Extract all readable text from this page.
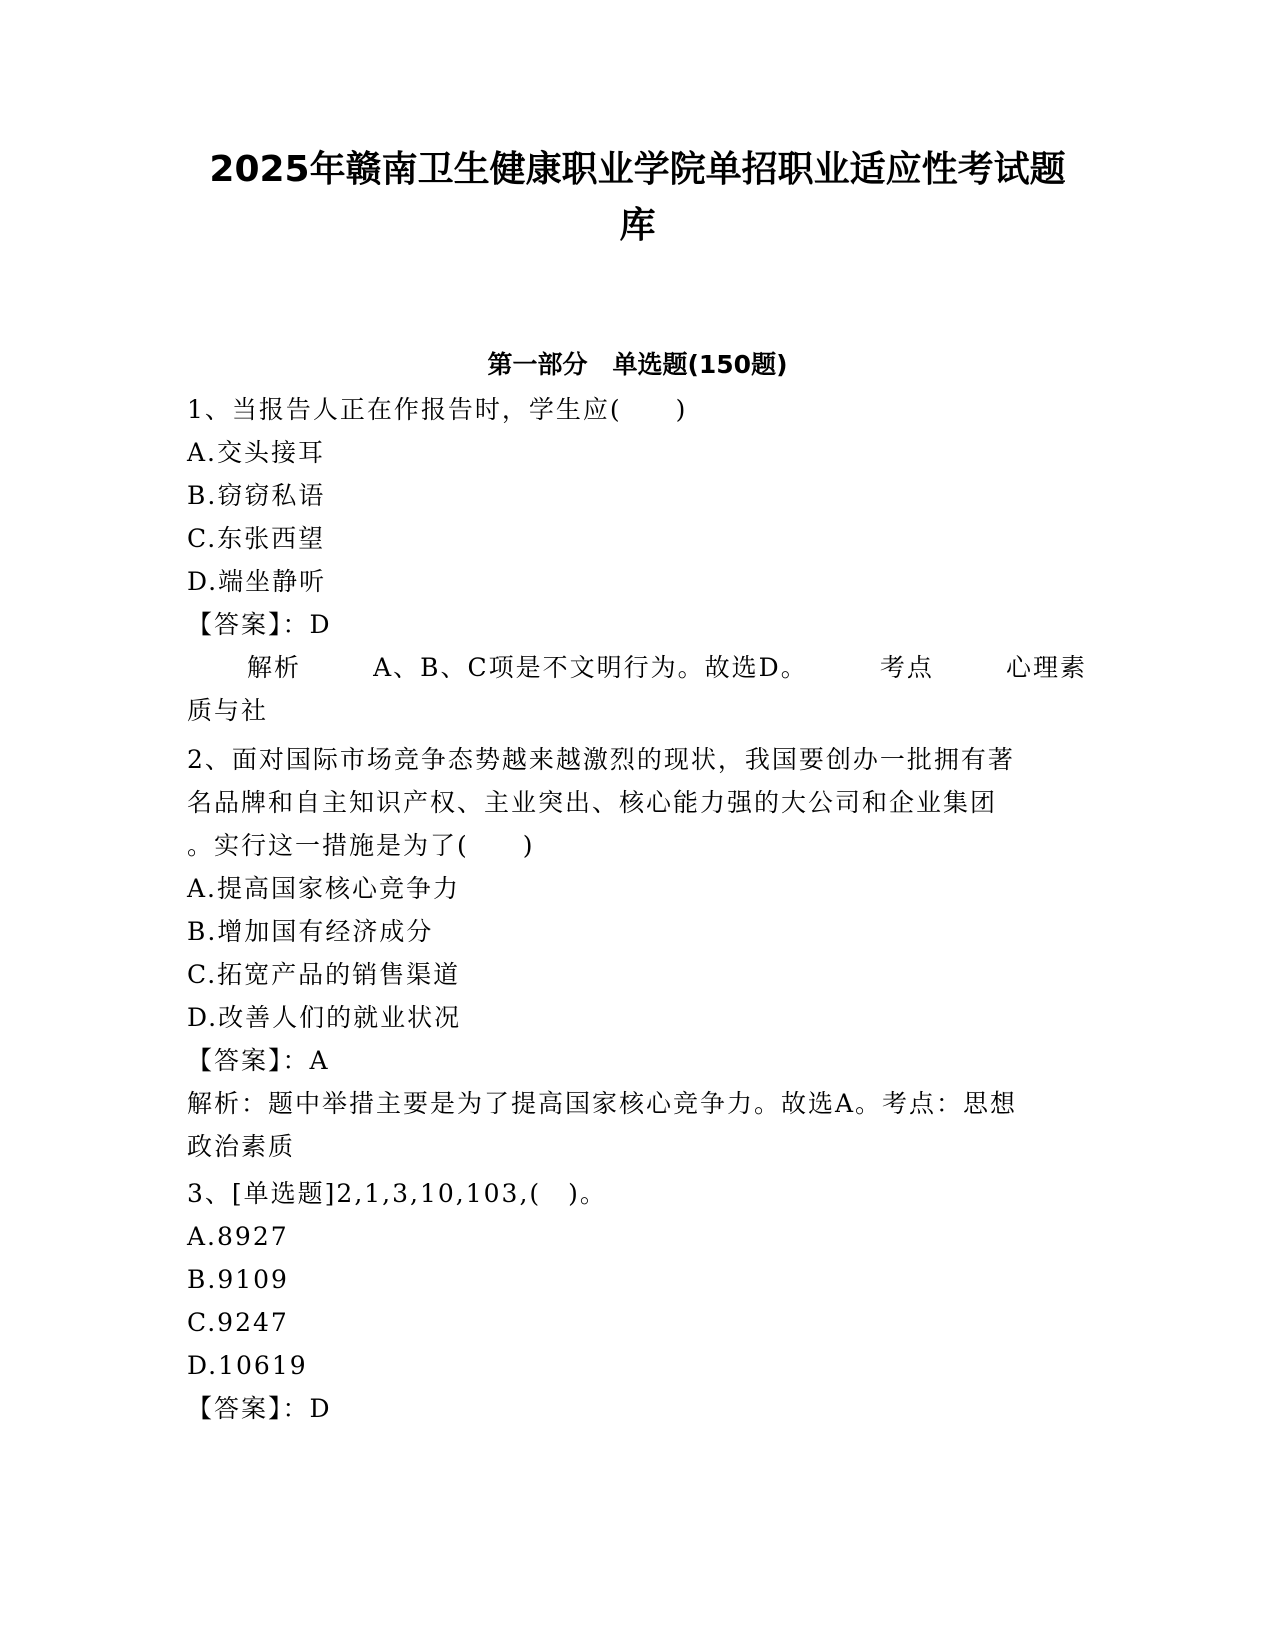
2025年赣南卫生健康职业学院单招职业适应性考试题
库
第一部分　单选题(150题)
1、当报告人正在作报告时，学生应(　　)
A.交头接耳
B.窃窃私语
C.东张西望
D.端坐静听
【答案】：D
解析	A、B、C项是不文明行为。故选D。	考点	心理素
质与社
2、面对国际市场竞争态势越来越激烈的现状，我国要创办一批拥有著
名品牌和自主知识产权、主业突出、核心能力强的大公司和企业集团
。实行这一措施是为了(　　)
A.提高国家核心竞争力
B.增加国有经济成分
C.拓宽产品的销售渠道
D.改善人们的就业状况
【答案】：A
解析：题中举措主要是为了提高国家核心竞争力。故选A。考点：思想
政治素质
3、[单选题]2,1,3,10,103,(　)。
A.8927
B.9109
C.9247
D.10619
【答案】：D
